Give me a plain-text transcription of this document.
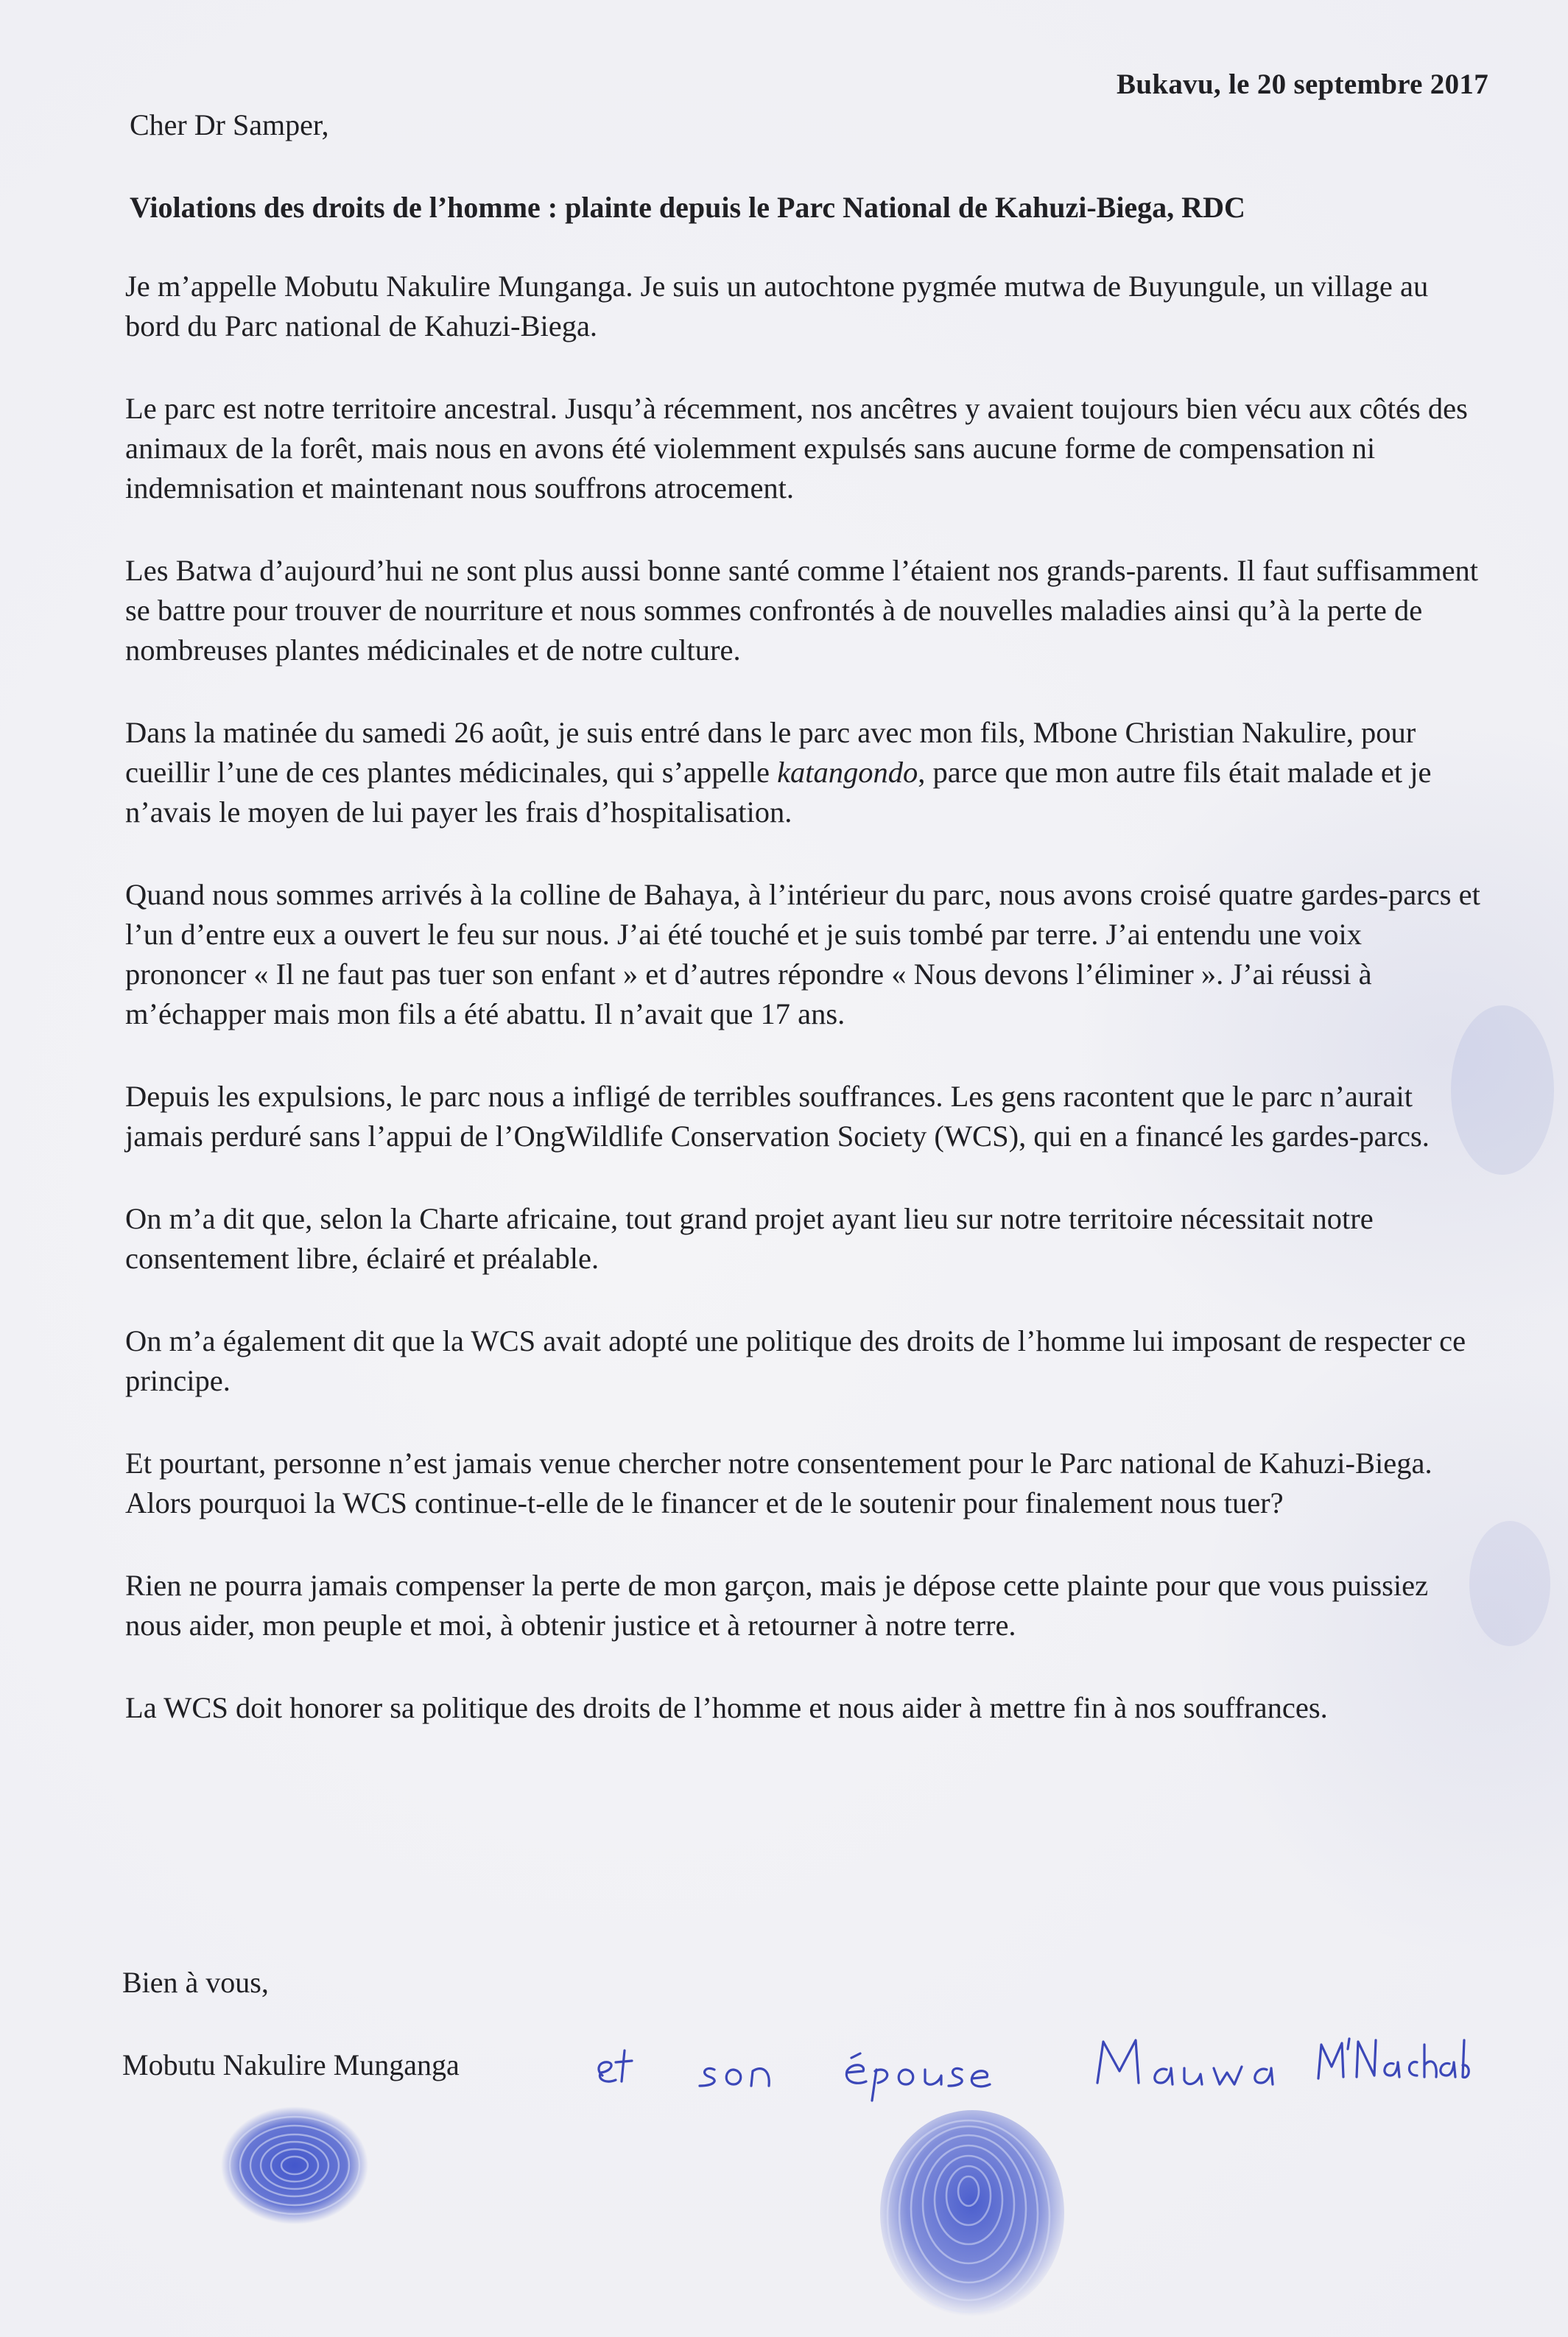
Bukavu, le 20 septembre 2017
Cher Dr Samper,
Violations des droits de l’homme : plainte depuis le Parc National de Kahuzi-Biega, RDC

Je m’appelle Mobutu Nakulire Munganga. Je suis un autochtone pygmée mutwa de Buyungule, un village au bord du Parc national de Kahuzi-Biega.

Le parc est notre territoire ancestral. Jusqu’à récemment, nos ancêtres y avaient toujours bien vécu aux côtés des animaux de la forêt, mais nous en avons été violemment expulsés sans aucune forme de compensation ni indemnisation et maintenant nous souffrons atrocement.

Les Batwa d’aujourd’hui ne sont plus aussi bonne santé comme l’étaient nos grands-parents. Il faut suffisamment se battre pour trouver de nourriture et nous sommes confrontés à de nouvelles maladies ainsi qu’à la perte de nombreuses plantes médicinales et de notre culture.

Dans la matinée du samedi 26 août, je suis entré dans le parc avec mon fils, Mbone Christian Nakulire, pour cueillir l’une de ces plantes médicinales, qui s’appelle katangondo, parce que mon autre fils était malade et je n’avais le moyen de lui payer les frais d’hospitalisation.

Quand nous sommes arrivés à la colline de Bahaya, à l’intérieur du parc, nous avons croisé quatre gardes-parcs et l’un d’entre eux a ouvert le feu sur nous. J’ai été touché et je suis tombé par terre. J’ai entendu une voix prononcer « Il ne faut pas tuer son enfant » et d’autres répondre « Nous devons l’éliminer ». J’ai réussi à m’échapper mais mon fils a été abattu. Il n’avait que 17 ans.

Depuis les expulsions, le parc nous a infligé de terribles souffrances. Les gens racontent que le parc n’aurait jamais perduré sans l’appui de l’OngWildlife Conservation Society (WCS), qui en a financé les gardes-parcs.

On m’a dit que, selon la Charte africaine, tout grand projet ayant lieu sur notre territoire nécessitait notre consentement libre, éclairé et préalable.

On m’a également dit que la WCS avait adopté une politique des droits de l’homme lui imposant de respecter ce principe.

Et pourtant, personne n’est jamais venue chercher notre consentement pour le Parc national de Kahuzi-Biega. Alors pourquoi la WCS continue-t-elle de le financer et de le soutenir pour finalement nous tuer?

Rien ne pourra jamais compenser la perte de mon garçon, mais je dépose cette plainte pour que vous puissiez nous aider, mon peuple et moi, à obtenir justice et à retourner à notre terre.

La WCS doit honorer sa politique des droits de l’homme et nous aider à mettre fin à nos souffrances.

Bien à vous,
Mobutu Nakulire Munganga
